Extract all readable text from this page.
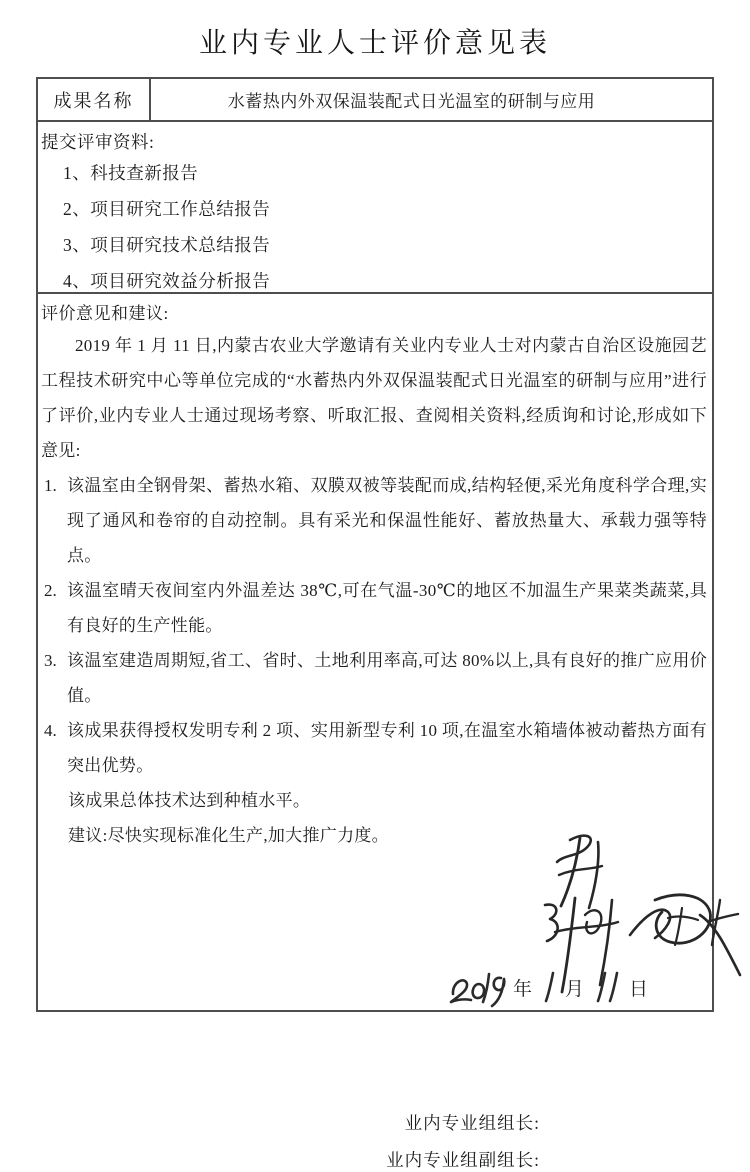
业内专业人士评价意见表
成果名称	水蓄热内外双保温装配式日光温室的研制与应用
提交评审资料:
1、科技查新报告
2、项目研究工作总结报告
3、项目研究技术总结报告
4、项目研究效益分析报告
评价意见和建议:

2019 年 1 月 11 日,内蒙古农业大学邀请有关业内专业人士对内蒙古自治区设施园艺工程技术研究中心等单位完成的“水蓄热内外双保温装配式日光温室的研制与应用”进行了评价,业内专业人士通过现场考察、听取汇报、查阅相关资料,经质询和讨论,形成如下意见:

1. 该温室由全钢骨架、蓄热水箱、双膜双被等装配而成,结构轻便,采光角度科学合理,实现了通风和卷帘的自动控制。具有采光和保温性能好、蓄放热量大、承载力强等特点。
2. 该温室晴天夜间室内外温差达 38℃,可在气温-30℃的地区不加温生产果菜类蔬菜,具有良好的生产性能。
3. 该温室建造周期短,省工、省时、土地利用率高,可达 80%以上,具有良好的推广应用价值。
4. 该成果获得授权发明专利 2 项、实用新型专利 10 项,在温室水箱墙体被动蓄热方面有突出优势。

该成果总体技术达到种植水平。

建议:尽快实现标准化生产,加大推广力度。

业内专业组组长:
业内专业组副组长:
年 月 日
